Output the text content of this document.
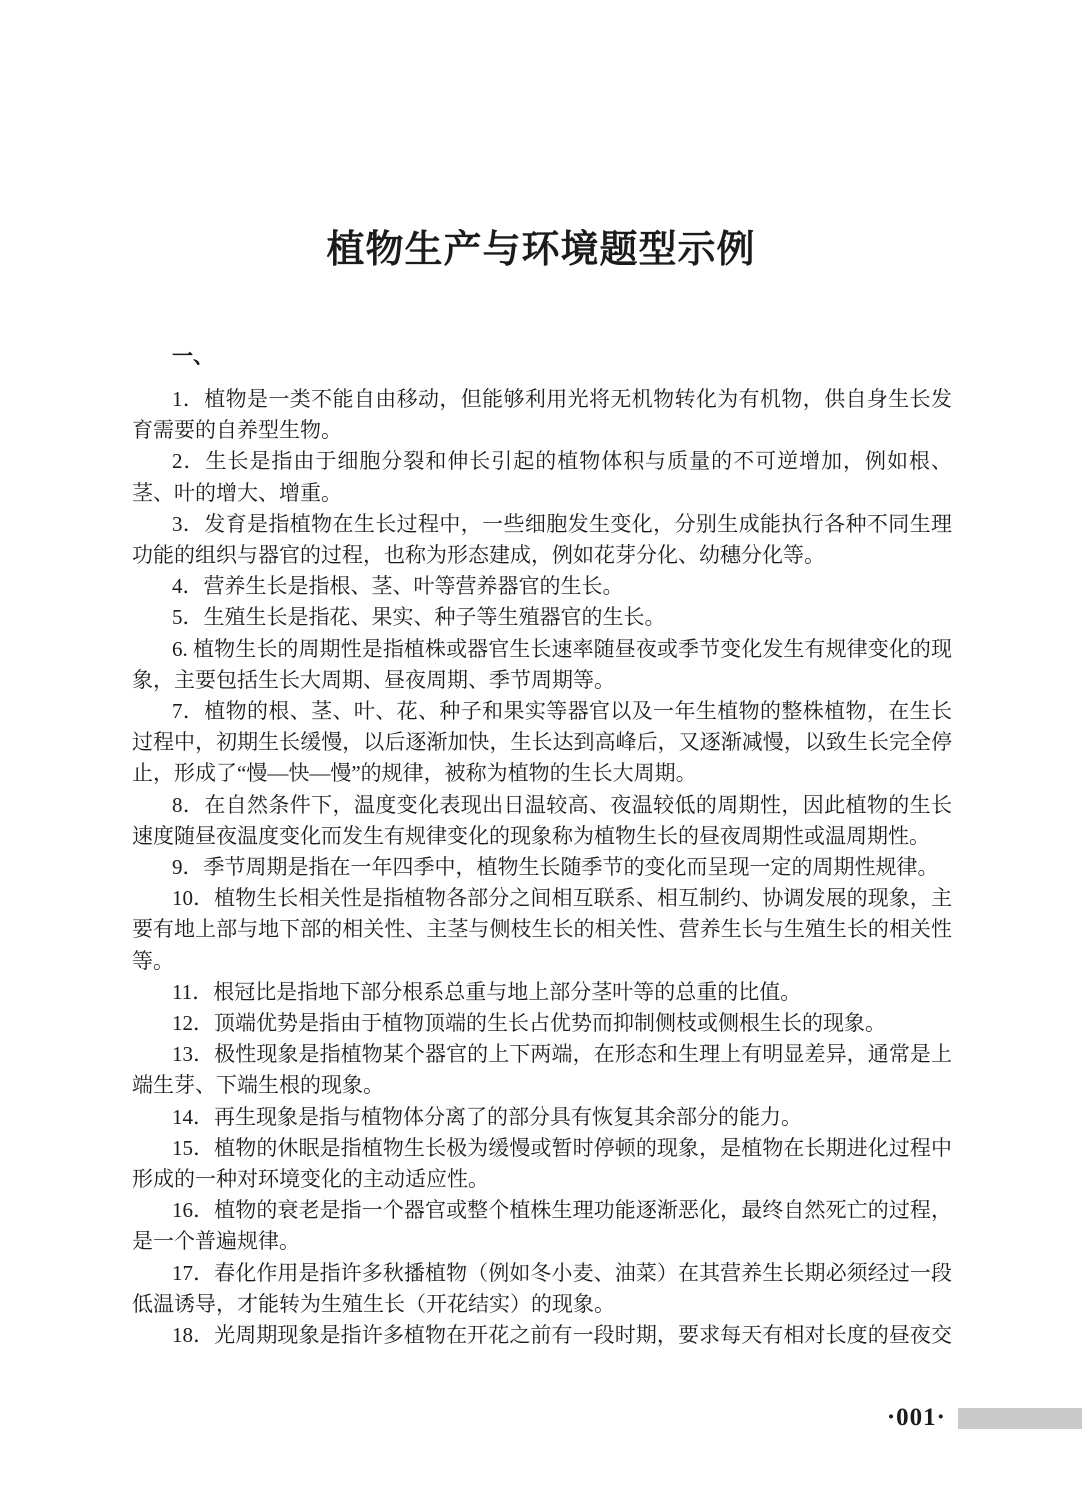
植物生产与环境题型示例
一、

1．植物是一类不能自由移动，但能够利用光将无机物转化为有机物，供自身生长发育需要的自养型生物。

2．生长是指由于细胞分裂和伸长引起的植物体积与质量的不可逆增加，例如根、茎、叶的增大、增重。

3．发育是指植物在生长过程中，一些细胞发生变化，分别生成能执行各种不同生理功能的组织与器官的过程，也称为形态建成，例如花芽分化、幼穗分化等。

4．营养生长是指根、茎、叶等营养器官的生长。

5．生殖生长是指花、果实、种子等生殖器官的生长。

6. 植物生长的周期性是指植株或器官生长速率随昼夜或季节变化发生有规律变化的现象，主要包括生长大周期、昼夜周期、季节周期等。

7．植物的根、茎、叶、花、种子和果实等器官以及一年生植物的整株植物，在生长过程中，初期生长缓慢，以后逐渐加快，生长达到高峰后，又逐渐减慢，以致生长完全停止，形成了“慢—快—慢”的规律，被称为植物的生长大周期。

8．在自然条件下，温度变化表现出日温较高、夜温较低的周期性，因此植物的生长速度随昼夜温度变化而发生有规律变化的现象称为植物生长的昼夜周期性或温周期性。

9．季节周期是指在一年四季中，植物生长随季节的变化而呈现一定的周期性规律。

10．植物生长相关性是指植物各部分之间相互联系、相互制约、协调发展的现象，主要有地上部与地下部的相关性、主茎与侧枝生长的相关性、营养生长与生殖生长的相关性等。

11．根冠比是指地下部分根系总重与地上部分茎叶等的总重的比值。

12．顶端优势是指由于植物顶端的生长占优势而抑制侧枝或侧根生长的现象。

13．极性现象是指植物某个器官的上下两端，在形态和生理上有明显差异，通常是上端生芽、下端生根的现象。

14．再生现象是指与植物体分离了的部分具有恢复其余部分的能力。

15．植物的休眠是指植物生长极为缓慢或暂时停顿的现象，是植物在长期进化过程中形成的一种对环境变化的主动适应性。

16．植物的衰老是指一个器官或整个植株生理功能逐渐恶化，最终自然死亡的过程，是一个普遍规律。

17．春化作用是指许多秋播植物（例如冬小麦、油菜）在其营养生长期必须经过一段低温诱导，才能转为生殖生长（开花结实）的现象。

18．光周期现象是指许多植物在开花之前有一段时期，要求每天有相对长度的昼夜交

·001·
